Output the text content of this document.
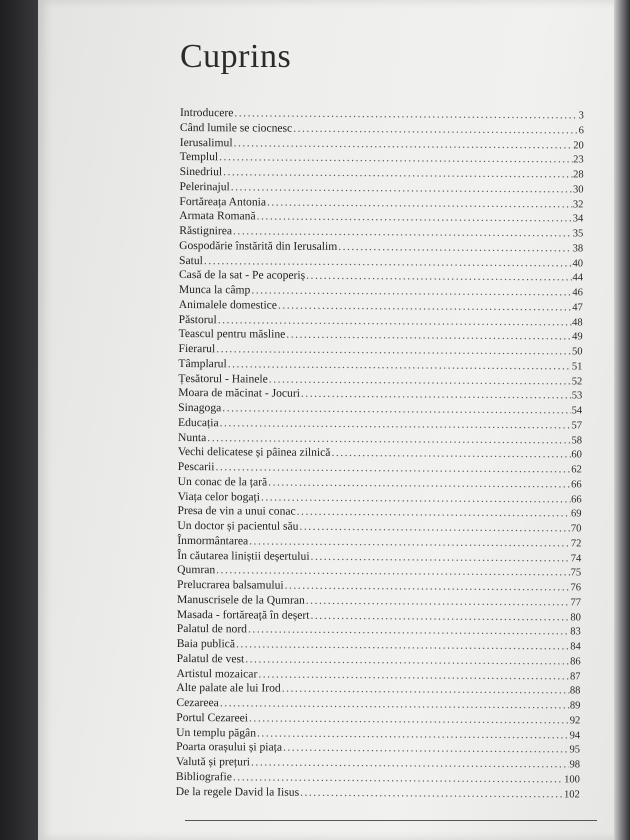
Cuprins
Introducere .....	3
Când lumile se ciocnesc .....	6
Ierusalimul .....	20
Templul .....	23
Sinedriul .....	28
Pelerinajul .....	30
Fortăreața Antonia .....	32
Armata Romană .....	34
Răstignirea .....	35
Gospodărie înstărită din Ierusalim .....	38
Satul .....	40
Casă de la sat - Pe acoperiș .....	44
Munca la câmp .....	46
Animalele domestice .....	47
Păstorul .....	48
Teascul pentru măsline .....	49
Fierarul .....	50
Tâmplarul .....	51
Țesătorul - Hainele .....	52
Moara de măcinat - Jocuri .....	53
Sinagoga .....	54
Educația .....	57
Nunta .....	58
Vechi delicatese și pâinea zilnică .....	60
Pescarii .....	62
Un conac de la țară .....	66
Viața celor bogați .....	66
Presa de vin a unui conac .....	69
Un doctor și pacientul său .....	70
Înmormântarea .....	72
În căutarea liniștii deșertului .....	74
Qumran .....	75
Prelucrarea balsamului .....	76
Manuscrisele de la Qumran .....	77
Masada - fortăreață în deșert .....	80
Palatul de nord .....	83
Baia publică .....	84
Palatul de vest .....	86
Artistul mozaicar .....	87
Alte palate ale lui Irod .....	88
Cezareea .....	89
Portul Cezareei .....	92
Un templu păgân .....	94
Poarta orașului și piața .....	95
Valută și prețuri .....	98
Bibliografie .....	100
De la regele David la Iisus .....	102
